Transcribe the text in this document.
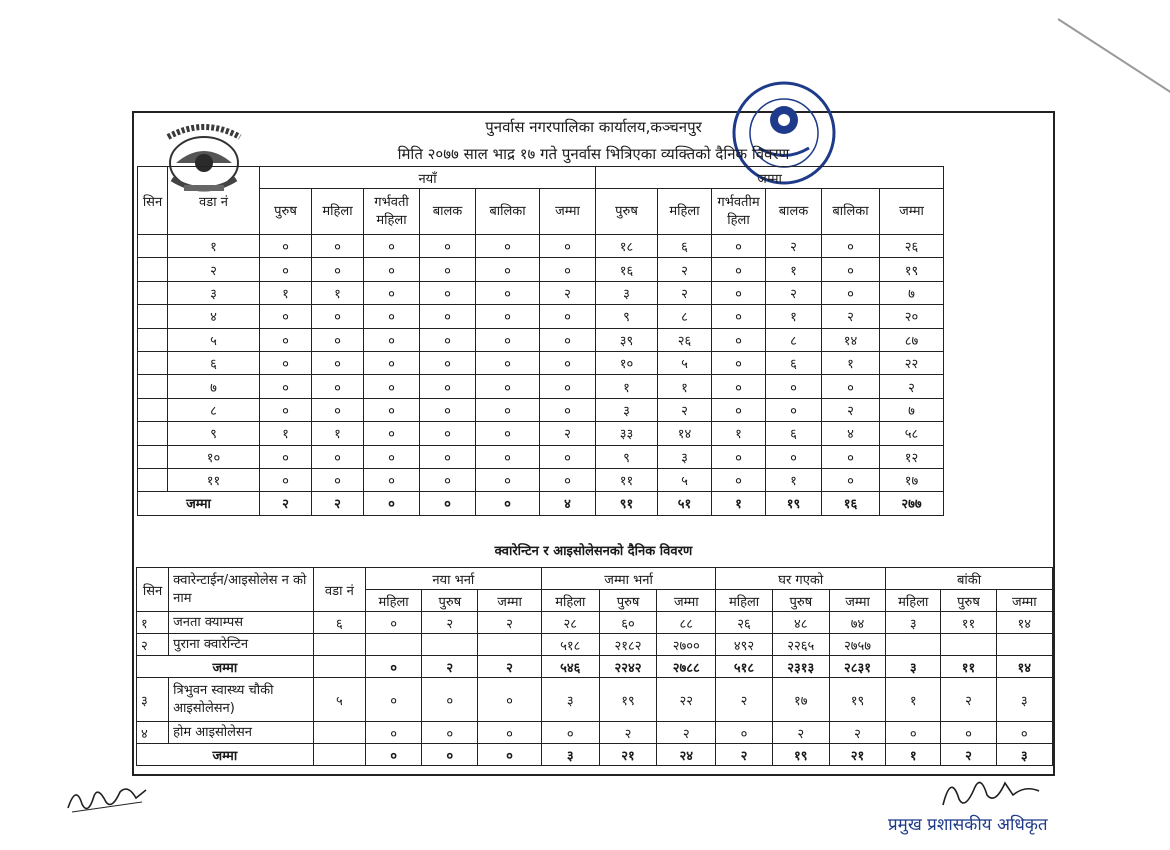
पुनर्वास नगरपालिका कार्यालय,कञ्चनपुर
मिति २०७७ साल भाद्र १७ गते पुनर्वास भित्रिएका व्यक्तिको दैनिक विवरण
सिन	वडा नं	नयाँ						जम्मा					
		पुरुष	महिला	गर्भवती महिला	बालक	बालिका	जम्मा	पुरुष	महिला	गर्भवतीम हिला	बालक	बालिका	जम्मा
	१	०	०	०	०	०	०	१८	६	०	२	०	२६
	२	०	०	०	०	०	०	१६	२	०	१	०	१९
	३	१	१	०	०	०	२	३	२	०	२	०	७
	४	०	०	०	०	०	०	९	८	०	१	२	२०
	५	०	०	०	०	०	०	३९	२६	०	८	१४	८७
	६	०	०	०	०	०	०	१०	५	०	६	१	२२
	७	०	०	०	०	०	०	१	१	०	०	०	२
	८	०	०	०	०	०	०	३	२	०	०	२	७
	९	१	१	०	०	०	२	३३	१४	१	६	४	५८
	१०	०	०	०	०	०	०	९	३	०	०	०	१२
	११	०	०	०	०	०	०	११	५	०	१	०	१७
जम्मा		२	२	०	०	०	४	९१	५१	१	१९	१६	२७७
क्वारेन्टिन र आइसोलेसनको दैनिक विवरण
सिन	क्वारेन्टाईन/आइसोलेस न को नाम	वडा नं	नया भर्ना			जम्मा भर्ना			घर गएको			बांकी		
			महिला	पुरुष	जम्मा	महिला	पुरुष	जम्मा	महिला	पुरुष	जम्मा	महिला	पुरुष	जम्मा
१	जनता क्याम्पस	६	०	२	२	२८	६०	८८	२६	४८	७४	३	११	१४
२	पुराना क्वारेन्टिन					५१८	२१८२	२७००	४९२	२२६५	२७५७			
जम्मा			०	२	२	५४६	२२४२	२७८८	५१८	२३१३	२८३१	३	११	१४
३	त्रिभुवन स्वास्थ्य चौकी आइसोलेसन)	५	०	०	०	३	१९	२२	२	१७	१९	१	२	३
४	होम आइसोलेसन		०	०	०	०	२	२	०	२	२	०	०	०
जम्मा			०	०	०	३	२१	२४	२	१९	२१	१	२	३
प्रमुख प्रशासकीय अधिकृत
